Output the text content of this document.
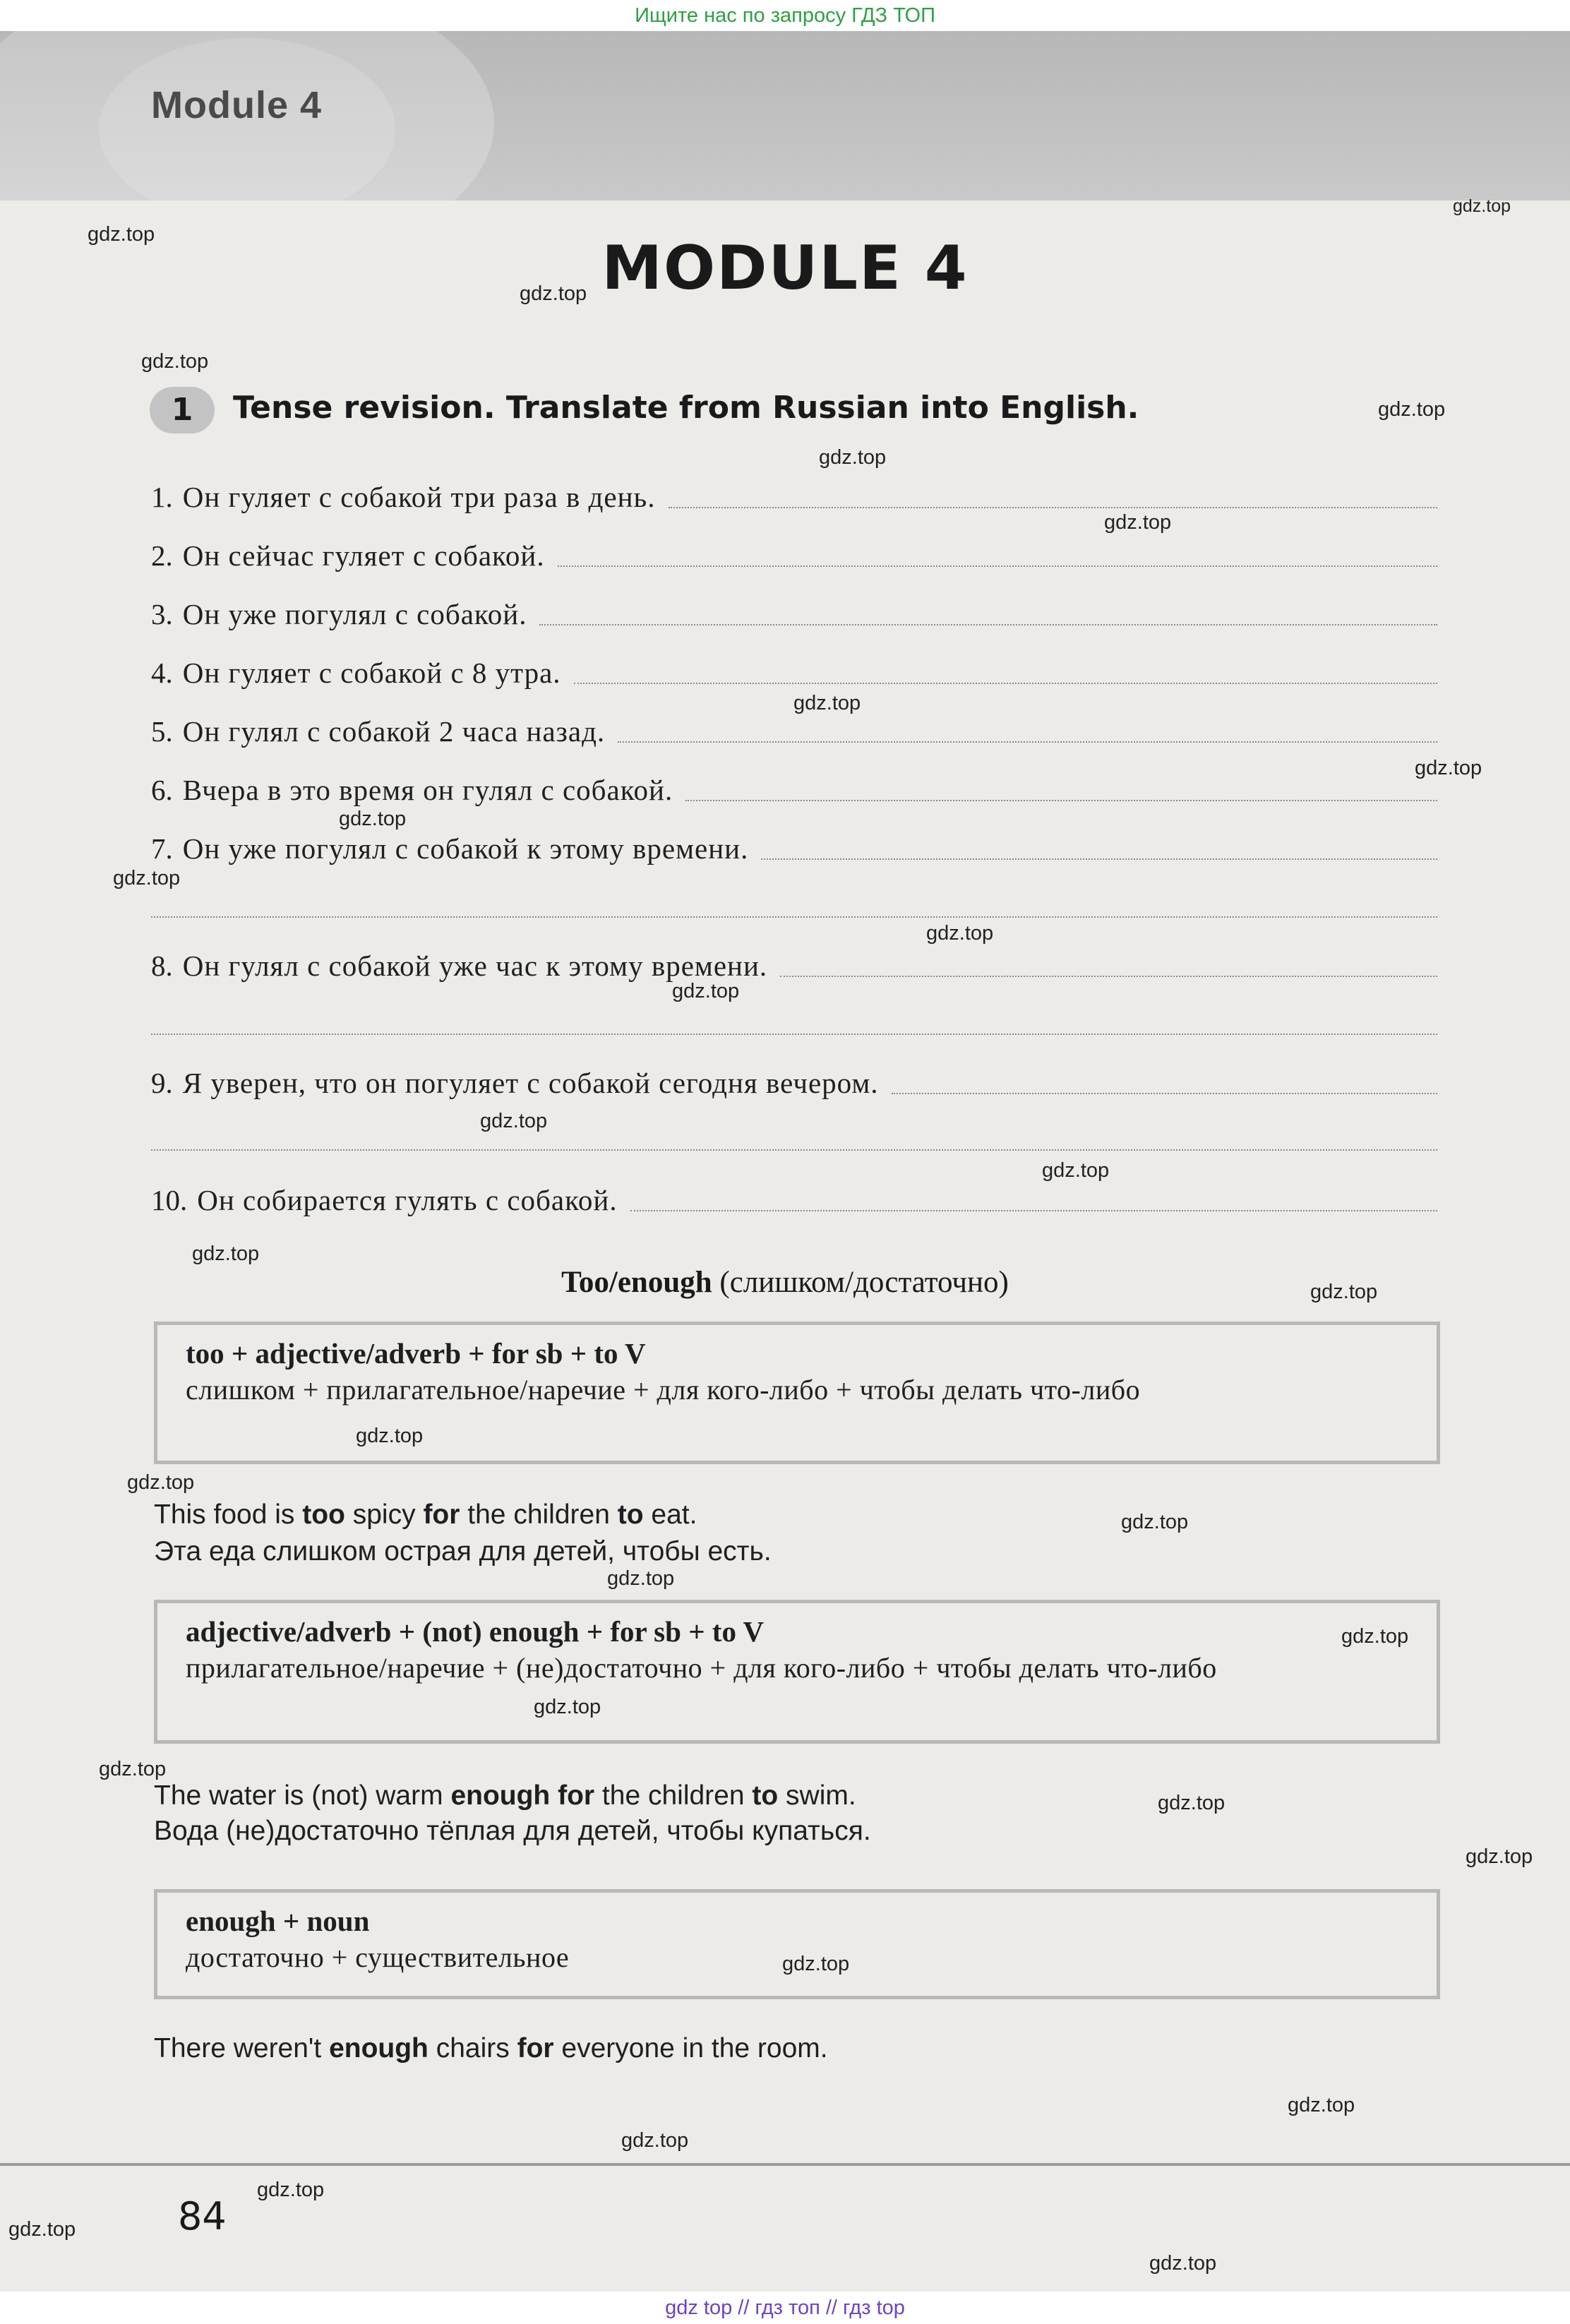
Ищите нас по запросу ГДЗ ТОП
Module 4
MODULE 4
1	Tense revision. Translate from Russian into English.
1. Он гуляет с собакой три раза в день.
2. Он сейчас гуляет с собакой.
3. Он уже погулял с собакой.
4. Он гуляет с собакой с 8 утра.
5. Он гулял с собакой 2 часа назад.
6. Вчера в это время он гулял с собакой.
7. Он уже погулял с собакой к этому времени.
8. Он гулял с собакой уже час к этому времени.
9. Я уверен, что он погуляет с собакой сегодня вечером.
10. Он собирается гулять с собакой.
Too/enough (слишком/достаточно)
too + adjective/adverb + for sb + to V
слишком + прилагательное/наречие + для кого-либо + чтобы делать что-либо
This food is too spicy for the children to eat.
Эта еда слишком острая для детей, чтобы есть.
adjective/adverb + (not) enough + for sb + to V
прилагательное/наречие + (не)достаточно + для кого-либо + чтобы делать что-либо
The water is (not) warm enough for the children to swim.
Вода (не)достаточно тёплая для детей, чтобы купаться.
enough + noun
достаточно + существительное
There weren't enough chairs for everyone in the room.
gdz.top
gdz.top
gdz.top
gdz.top
gdz.top
gdz.top
gdz.top
gdz.top
gdz.top
gdz.top
gdz.top
gdz.top
gdz.top
gdz.top
gdz.top
gdz.top
gdz.top
gdz.top
gdz.top
gdz.top
gdz.top
gdz.top
gdz.top
gdz.top
gdz.top
gdz.top
gdz.top
gdz.top
gdz.top
gdz.top
gdz.top
gdz.top
84
gdz top // гдз топ // гдз top
